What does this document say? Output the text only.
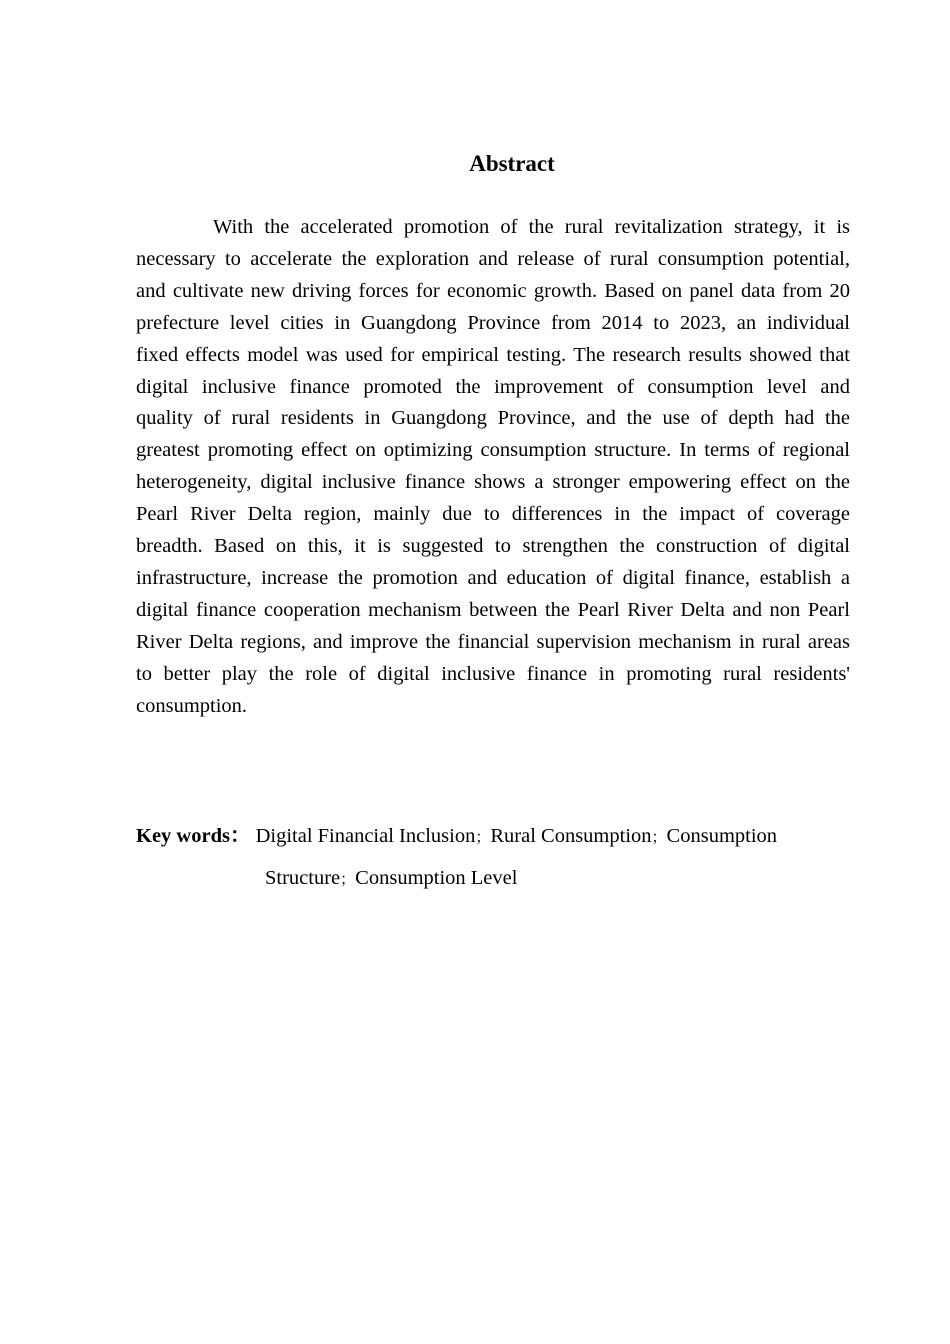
Abstract

With the accelerated promotion of the rural revitalization strategy, it is necessary to accelerate the exploration and release of rural consumption potential, and cultivate new driving forces for economic growth. Based on panel data from 20 prefecture level cities in Guangdong Province from 2014 to 2023, an individual fixed effects model was used for empirical testing. The research results showed that digital inclusive finance promoted the improvement of consumption level and quality of rural residents in Guangdong Province, and the use of depth had the greatest promoting effect on optimizing consumption structure. In terms of regional heterogeneity, digital inclusive finance shows a stronger empowering effect on the Pearl River Delta region, mainly due to differences in the impact of coverage breadth. Based on this, it is suggested to strengthen the construction of digital infrastructure, increase the promotion and education of digital finance, establish a digital finance cooperation mechanism between the Pearl River Delta and non Pearl River Delta regions, and improve the financial supervision mechanism in rural areas to better play the role of digital inclusive finance in promoting rural residents' consumption.

Key words： Digital Financial Inclusion；Rural Consumption；Consumption
Structure；Consumption Level
